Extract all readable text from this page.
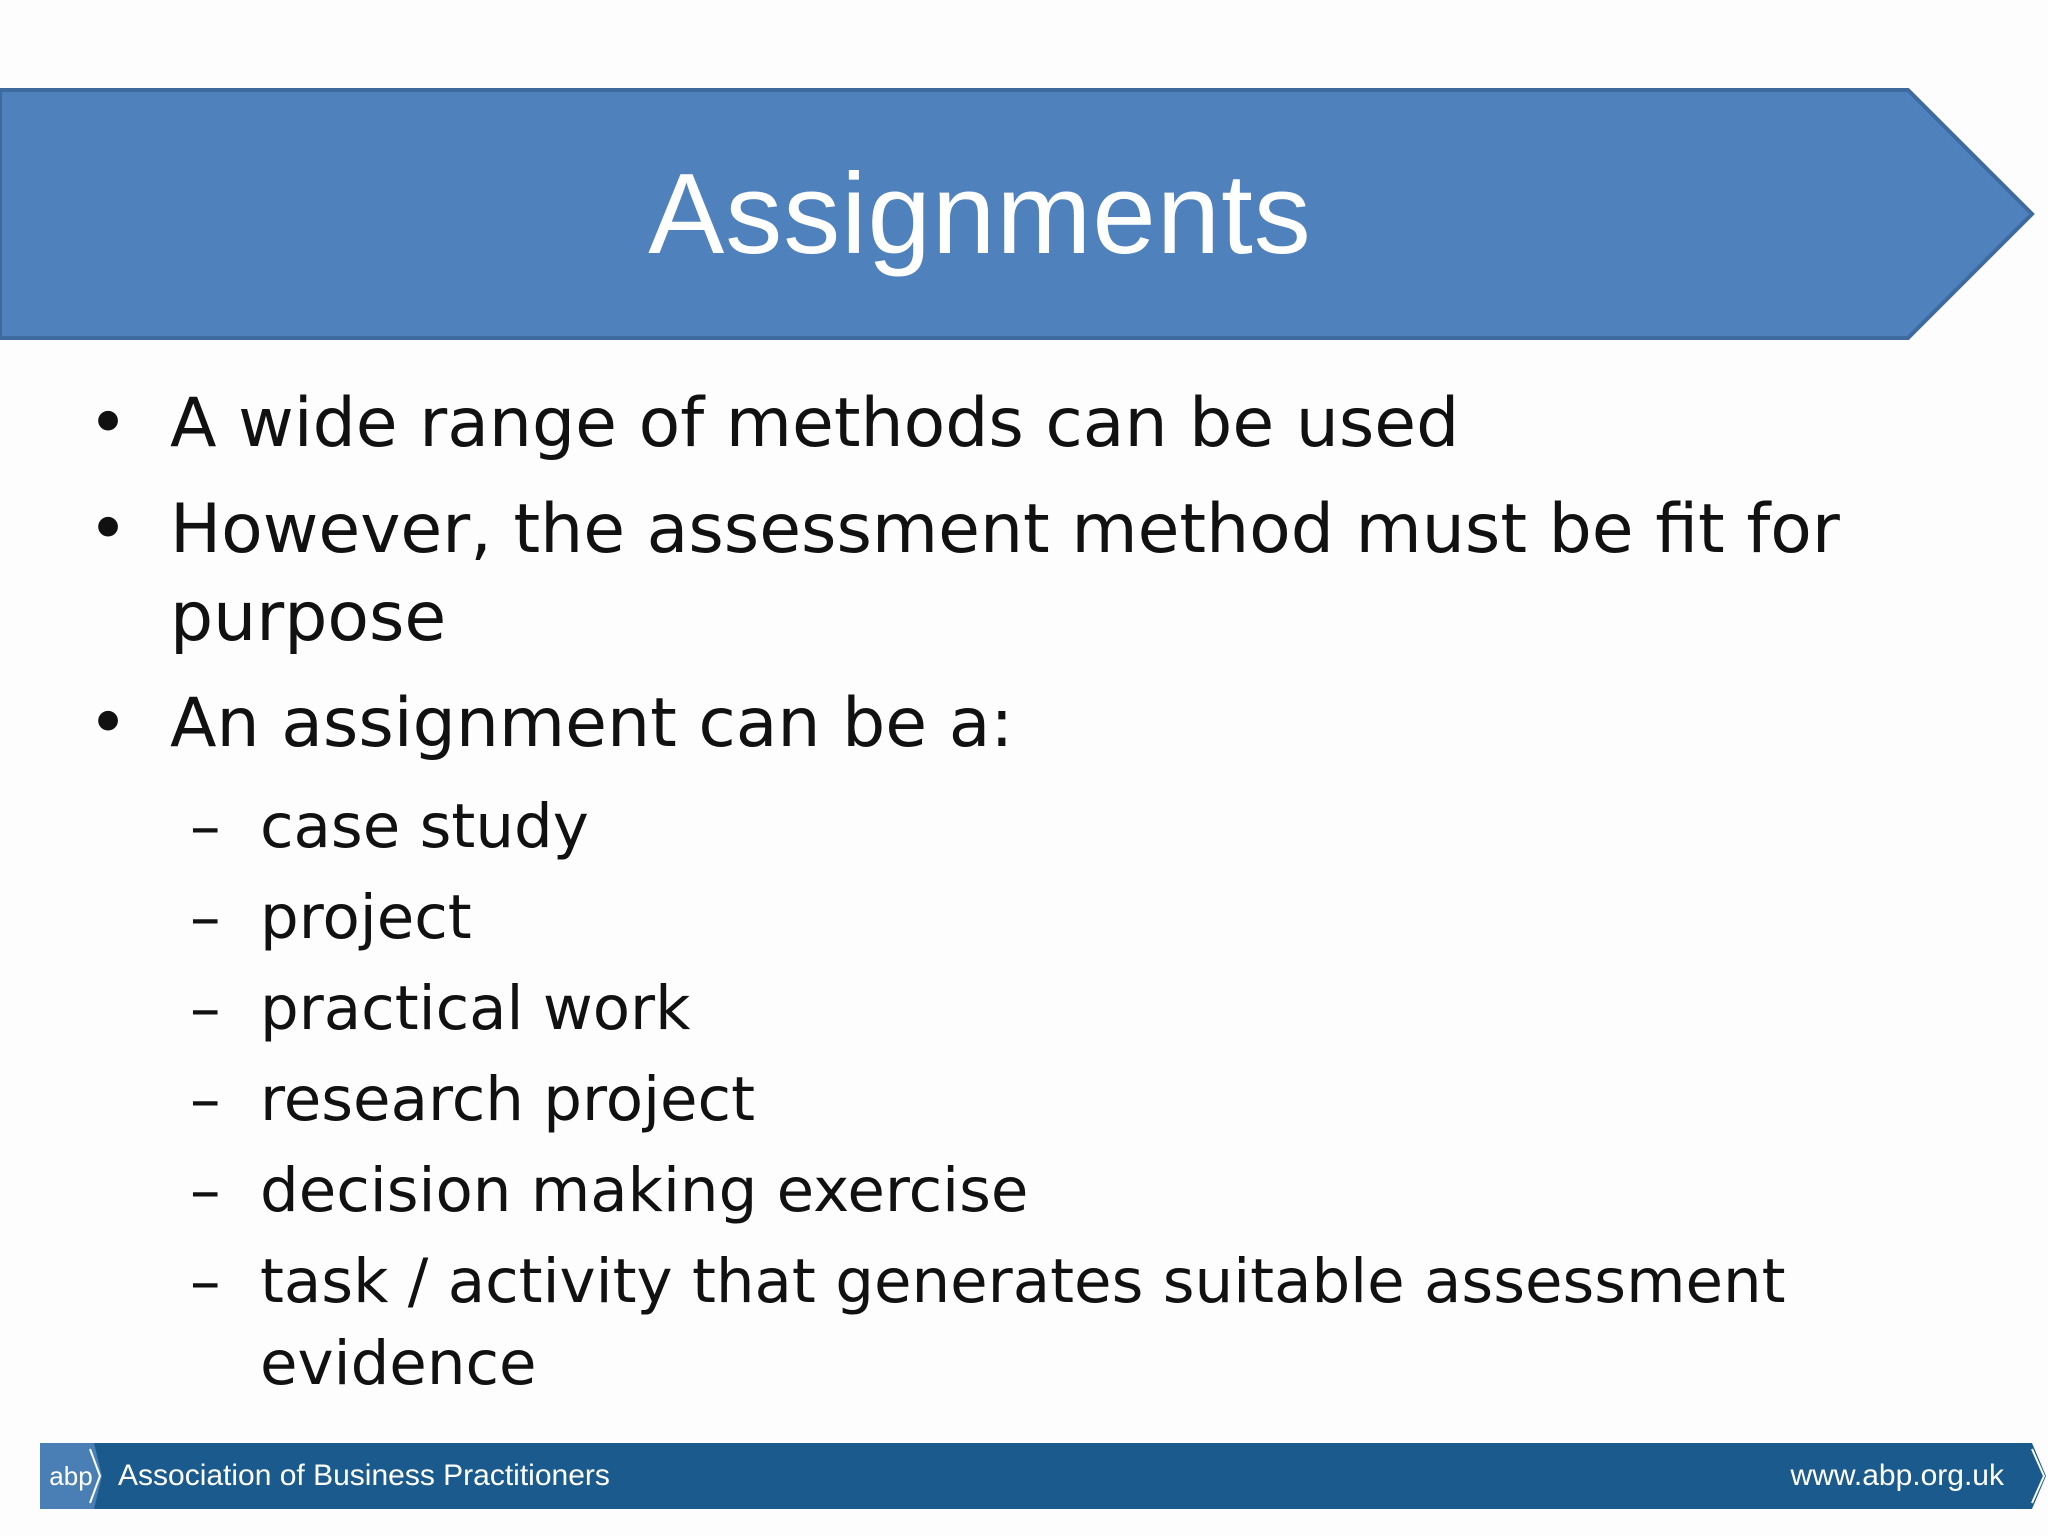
Assignments
• A wide range of methods can be used
• However, the assessment method must be fit for purpose
• An assignment can be a:
– case study
– project
– practical work
– research project
– decision making exercise
– task / activity that generates suitable assessment evidence
abp Association of Business Practitioners	www.abp.org.uk
